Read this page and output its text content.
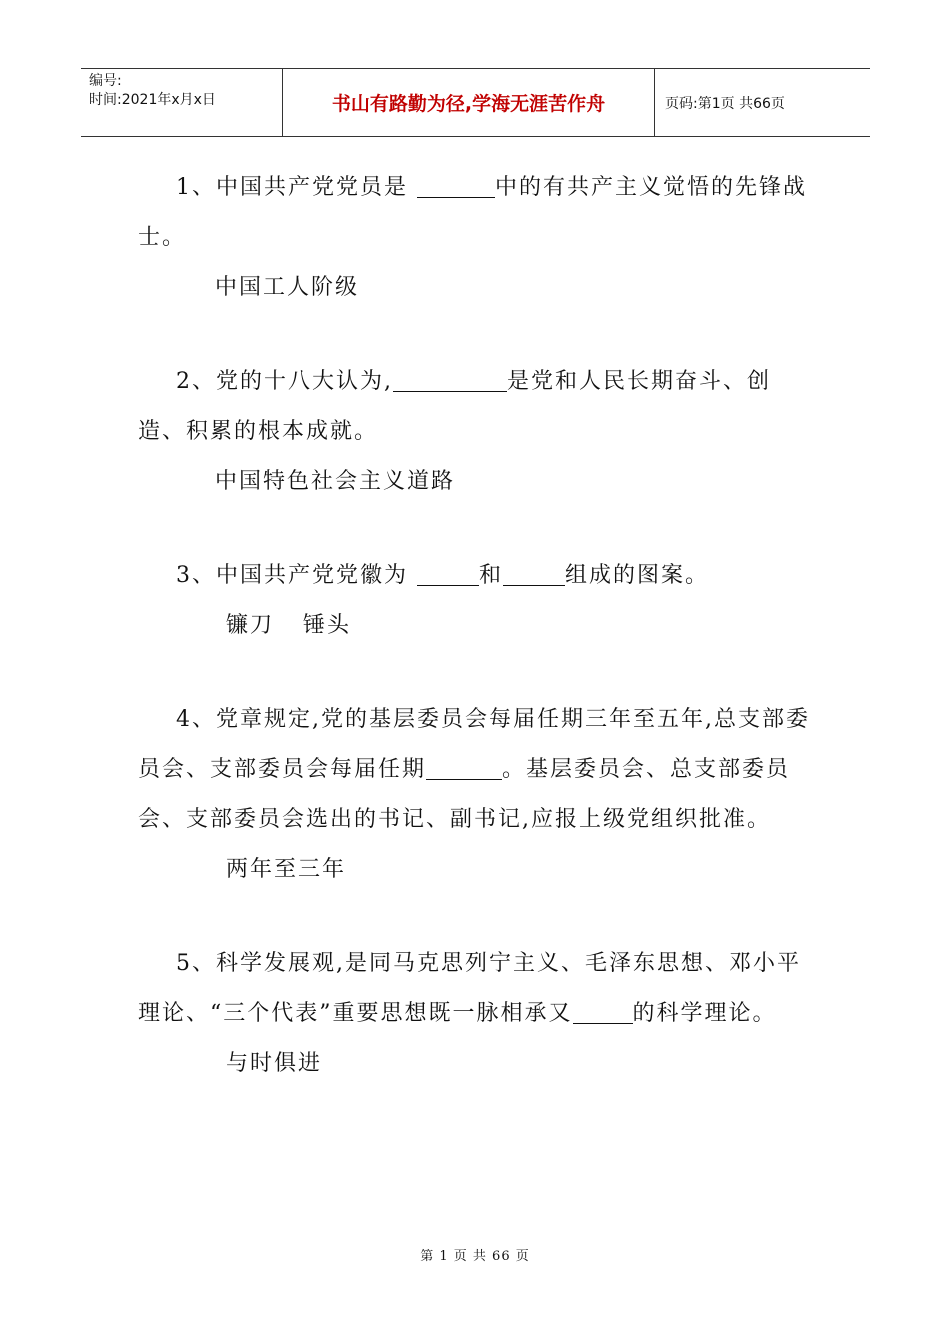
编号:
时间:2021年x月x日	书山有路勤为径,学海无涯苦作舟	页码:第1页 共66页

1、中国共产党党员是	中的有共产主义觉悟的先锋战士。

中国工人阶级

2、党的十八大认为,	是党和人民长期奋斗、创造、积累的根本成就。

中国特色社会主义道路

3、中国共产党党徽为	和	组成的图案。

镰刀 锤头

4、党章规定,党的基层委员会每届任期三年至五年,总支部委员会、支部委员会每届任期	。基层委员会、总支部委员会、支部委员会选出的书记、副书记,应报上级党组织批准。

两年至三年

5、科学发展观,是同马克思列宁主义、毛泽东思想、邓小平理论、“三个代表”重要思想既一脉相承又	的科学理论。

与时俱进

第 1 页 共 66 页
